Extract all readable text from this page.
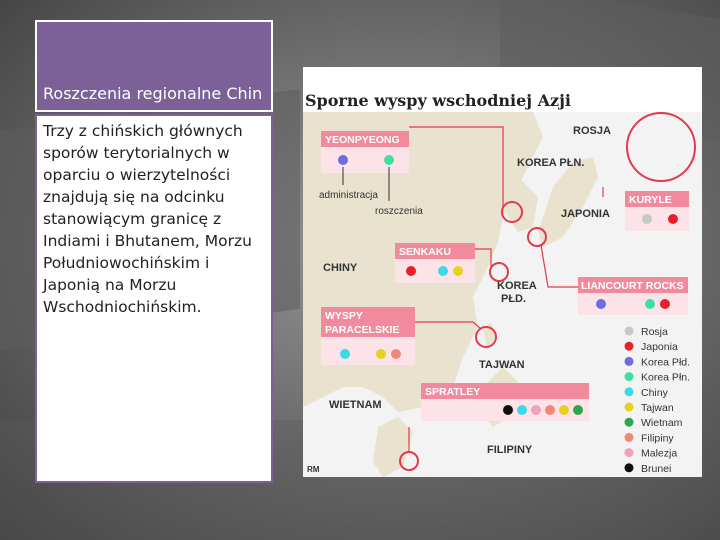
Roszczenia regionalne Chin
Trzy z chińskich głównych sporów terytorialnych w oparciu o wierzytelności znajdują się na odcinku stanowiącym granicę z Indiami i Bhutanem, Morzu Południowochińskim i Japonią na Morzu Wschodniochińskim.
Sporne wyspy wschodniej Azji
YEONPYEONG
administracja
roszczenia
KURYLE
SENKAKU
LIANCOURT ROCKS
WYSPY
PARACELSKIE
SPRATLEY
ROSJA
KOREA PŁN.
JAPONIA
CHINY
KOREA
PŁD.
TAJWAN
WIETNAM
FILIPINY
RM
Rosja
Japonia
Korea Płd.
Korea Płn.
Chiny
Tajwan
Wietnam
Filipiny
Malezja
Brunei
